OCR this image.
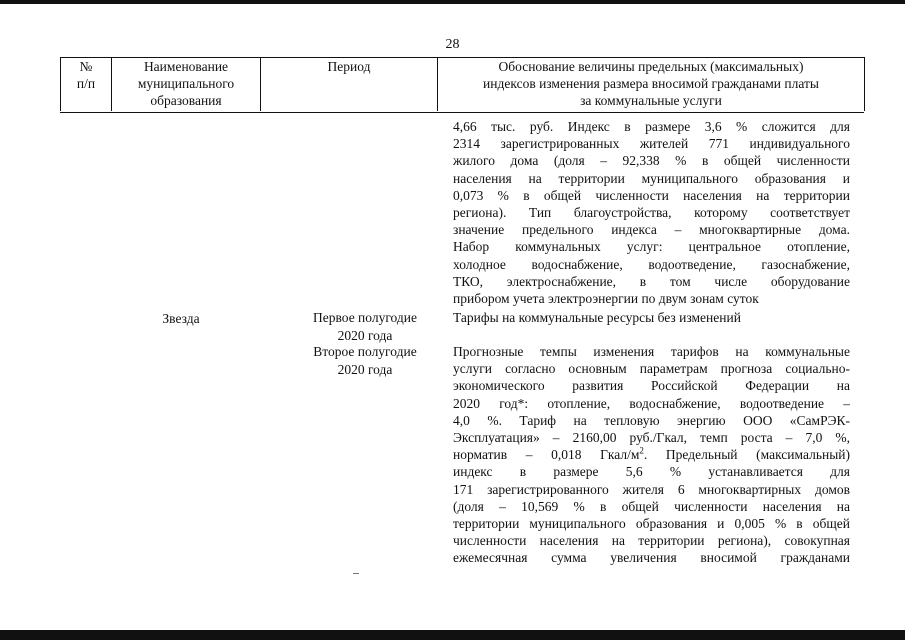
28
№
п/п
Наименование
муниципального
образования
Период	Обоснование величины предельных (максимальных)
индексов изменения размера вносимой гражданами платы
за коммунальные услуги
4,66 тыс. руб. Индекс в размере 3,6 % сложится для
2314 зарегистрированных жителей 771 индивидуального
жилого дома (доля – 92,338 % в общей численности
населения на территории муниципального образования и
0,073 % в общей численности населения на территории
региона). Тип благоустройства, которому соответствует
значение предельного индекса – многоквартирные дома.
Набор коммунальных услуг: центральное отопление,
холодное водоснабжение, водоотведение, газоснабжение,
ТКО, электроснабжение, в том числе оборудование
прибором учета электроэнергии по двум зонам суток
Звезда	Первое полугодие
2020 года
Тарифы на коммунальные ресурсы без изменений
Второе полугодие
2020 года
Прогнозные темпы изменения тарифов на коммунальные
услуги согласно основным параметрам прогноза социально-
экономического развития Российской Федерации на
2020 год*: отопление, водоснабжение, водоотведение –
4,0 %. Тариф на тепловую энергию ООО «СамРЭК-
Эксплуатация» – 2160,00 руб./Гкал, темп роста – 7,0 %,
норматив – 0,018 Гкал/$м^2$. Предельный (максимальный)
индекс в размере 5,6 % устанавливается для
171 зарегистрированного жителя 6 многоквартирных домов
(доля – 10,569 % в общей численности населения на
территории муниципального образования и 0,005 % в общей
численности населения на территории региона), совокупная
ежемесячная сумма увеличения вносимой гражданами
